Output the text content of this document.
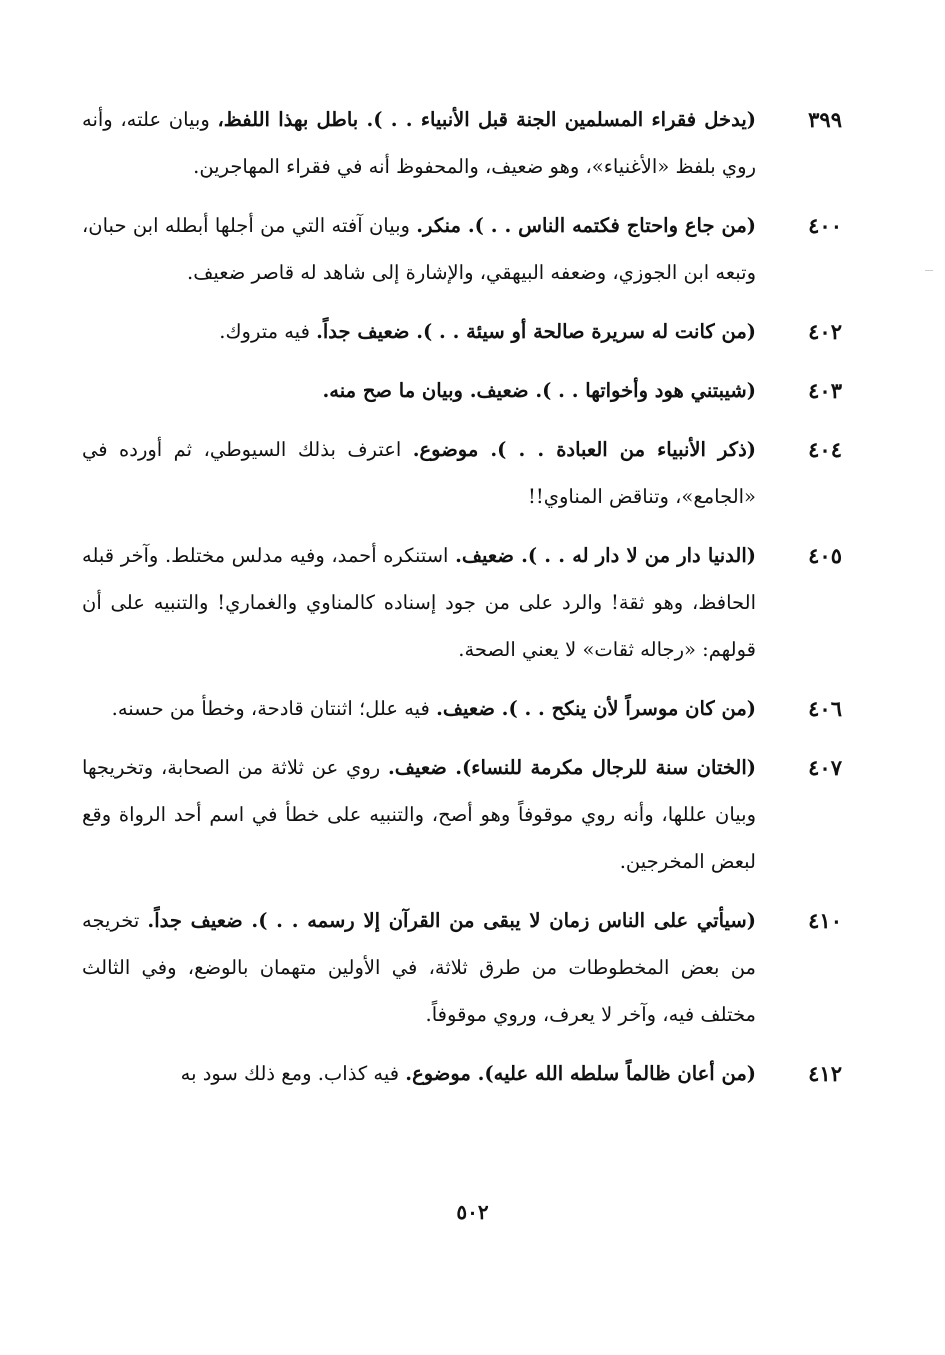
٣٩٩
(يدخل فقراء المسلمين الجنة قبل الأنبياء . . ). باطل بهذا اللفظ، وبيان علته، وأنه روي بلفظ «الأغنياء»، وهو ضعيف، والمحفوظ أنه في فقراء المهاجرين.
٤٠٠
(من جاع واحتاج فكتمه الناس . . ). منكر. وبيان آفته التي من أجلها أبطله ابن حبان، وتبعه ابن الجوزي، وضعفه البيهقي، والإشارة إلى شاهد له قاصر ضعيف.
٤٠٢
(من كانت له سريرة صالحة أو سيئة . . ). ضعيف جداً. فيه متروك.
٤٠٣
(شيبتني هود وأخواتها . . ). ضعيف. وبيان ما صح منه.
٤٠٤
(ذكر الأنبياء من العبادة . . ). موضوع. اعترف بذلك السيوطي، ثم أورده في «الجامع»، وتناقض المناوي!!
٤٠٥
(الدنيا دار من لا دار له . . ). ضعيف. استنكره أحمد، وفيه مدلس مختلط. وآخر قبله الحافظ، وهو ثقة! والرد على من جود إسناده كالمناوي والغماري! والتنبيه على أن قولهم: «رجاله ثقات» لا يعني الصحة.
٤٠٦
(من كان موسراً لأن ينكح . . ). ضعيف. فيه علل؛ اثنتان قادحة، وخطأ من حسنه.
٤٠٧
(الختان سنة للرجال مكرمة للنساء). ضعيف. روي عن ثلاثة من الصحابة، وتخريجها وبيان عللها، وأنه روي موقوفاً وهو أصح، والتنبيه على خطأ في اسم أحد الرواة وقع لبعض المخرجين.
٤١٠
(سيأتي على الناس زمان لا يبقى من القرآن إلا رسمه . . ). ضعيف جداً. تخريجه من بعض المخطوطات من طرق ثلاثة، في الأولين متهمان بالوضع، وفي الثالث مختلف فيه، وآخر لا يعرف، وروي موقوفاً.
٤١٢
(من أعان ظالماً سلطه الله عليه). موضوع. فيه كذاب. ومع ذلك سود به
٥٠٢
